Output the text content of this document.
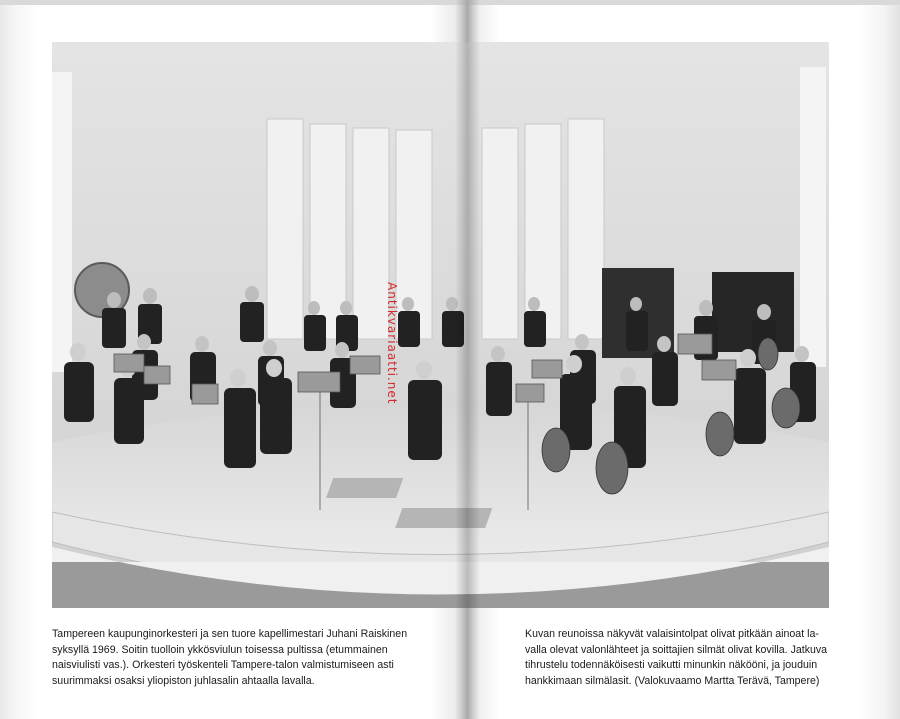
Antikvariaatti.net

Tampereen kaupunginorkesteri ja sen tuore kapellimestari Juhani Raiskinen
syksyllä 1969. Soitin tuolloin ykkösviulun toisessa pultissa (etummainen
naisviulisti vas.). Orkesteri työskenteli Tampere-talon valmistumiseen asti
suurimmaksi osaksi yliopiston juhlasalin ahtaalla lavalla.

Kuvan reunoissa näkyvät valaisintolpat olivat pitkään ainoat la-
valla olevat valonlähteet ja soittajien silmät olivat kovilla. Jatkuva
tihrustelu todennäköisesti vaikutti minunkin näkööni, ja jouduin
hankkimaan silmälasit. (Valokuvaamo Martta Terävä, Tampere)
